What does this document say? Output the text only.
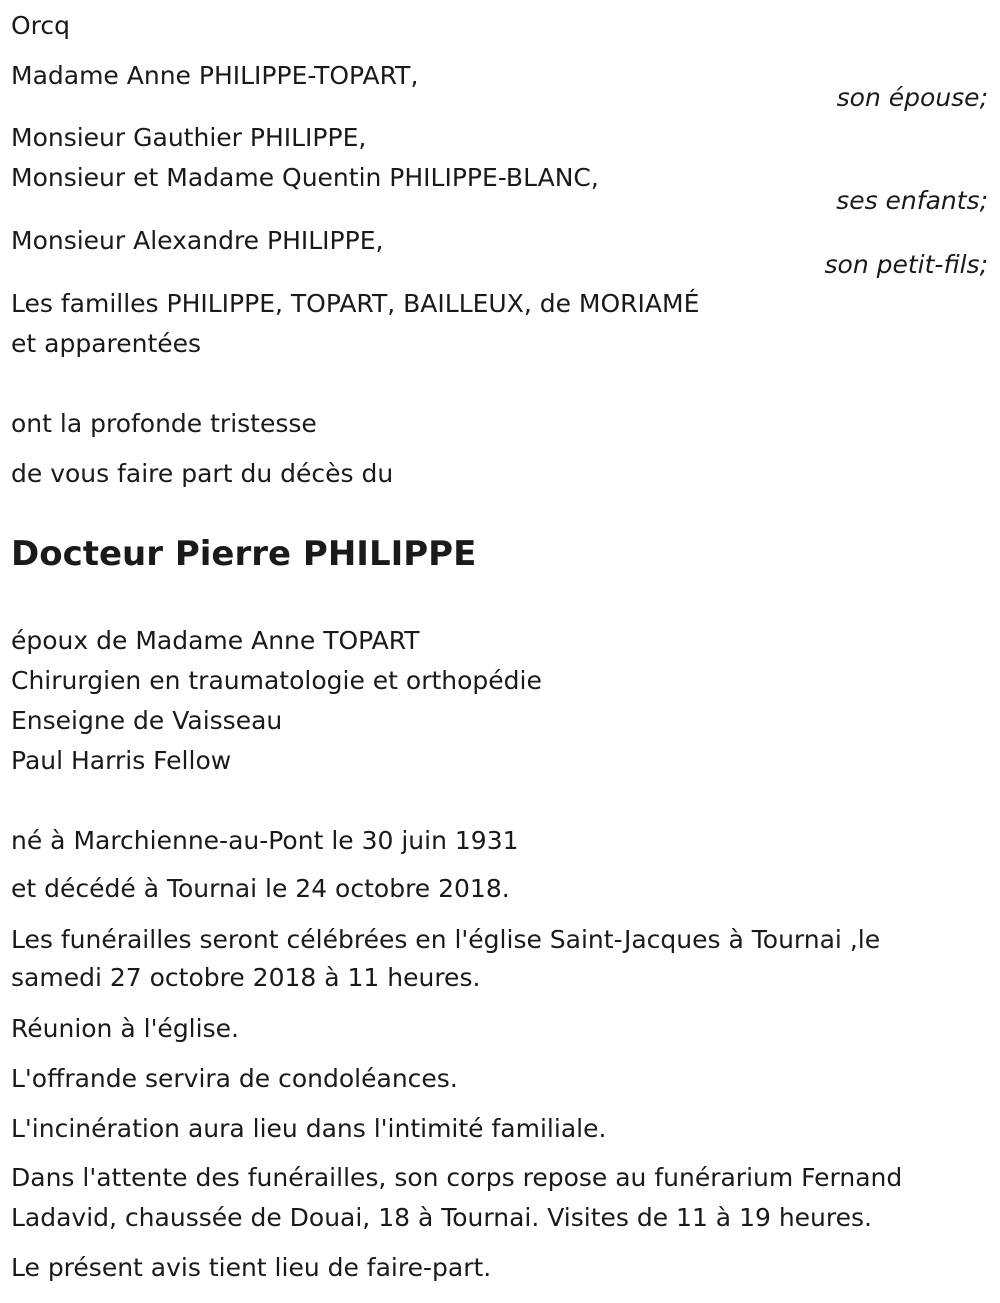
Orcq
Madame Anne PHILIPPE-TOPART,
son épouse;
Monsieur Gauthier PHILIPPE,
Monsieur et Madame Quentin PHILIPPE-BLANC,
ses enfants;
Monsieur Alexandre PHILIPPE,
son petit-fils;
Les familles PHILIPPE, TOPART, BAILLEUX, de MORIAMÉ
et apparentées
ont la profonde tristesse
de vous faire part du décès du
Docteur Pierre PHILIPPE
époux de Madame Anne TOPART
Chirurgien en traumatologie et orthopédie
Enseigne de Vaisseau
Paul Harris Fellow
né à Marchienne-au-Pont le 30 juin 1931
et décédé à Tournai le 24 octobre 2018.
Les funérailles seront célébrées en l'église Saint-Jacques à Tournai ,le
samedi 27 octobre 2018 à 11 heures.
Réunion à l'église.
L'offrande servira de condoléances.
L'incinération aura lieu dans l'intimité familiale.
Dans l'attente des funérailles, son corps repose au funérarium Fernand
Ladavid, chaussée de Douai, 18 à Tournai. Visites de 11 à 19 heures.
Le présent avis tient lieu de faire-part.
